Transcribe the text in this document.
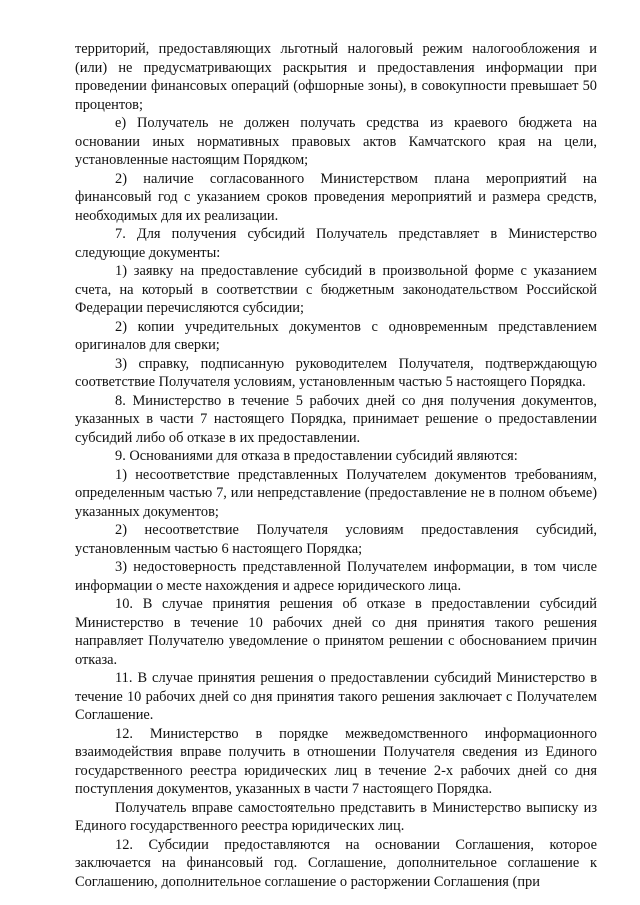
территорий, предоставляющих льготный налоговый режим налогообложения и (или) не предусматривающих раскрытия и предоставления информации при проведении финансовых операций (офшорные зоны), в совокупности превышает 50 процентов;

е) Получатель не должен получать средства из краевого бюджета на основании иных нормативных правовых актов Камчатского края на цели, установленные настоящим Порядком;

2) наличие согласованного Министерством плана мероприятий на финансовый год с указанием сроков проведения мероприятий и размера средств, необходимых для их реализации.

7. Для получения субсидий Получатель представляет в Министерство следующие документы:

1) заявку на предоставление субсидий в произвольной форме с указанием счета, на который в соответствии с бюджетным законодательством Российской Федерации перечисляются субсидии;

2) копии учредительных документов с одновременным представлением оригиналов для сверки;

3) справку, подписанную руководителем Получателя, подтверждающую соответствие Получателя условиям, установленным частью 5 настоящего Порядка.

8. Министерство в течение 5 рабочих дней со дня получения документов, указанных в части 7 настоящего Порядка, принимает решение о предоставлении субсидий либо об отказе в их предоставлении.

9. Основаниями для отказа в предоставлении субсидий являются:

1) несоответствие представленных Получателем документов требованиям, определенным частью 7, или непредставление (предоставление не в полном объеме) указанных документов;

2) несоответствие Получателя условиям предоставления субсидий, установленным частью 6 настоящего Порядка;

3) недостоверность представленной Получателем информации, в том числе информации о месте нахождения и адресе юридического лица.

10. В случае принятия решения об отказе в предоставлении субсидий Министерство в течение 10 рабочих дней со дня принятия такого решения направляет Получателю уведомление о принятом решении с обоснованием причин отказа.

11. В случае принятия решения о предоставлении субсидий Министерство в течение 10 рабочих дней со дня принятия такого решения заключает с Получателем Соглашение.

12. Министерство в порядке межведомственного информационного взаимодействия вправе получить в отношении Получателя сведения из Единого государственного реестра юридических лиц в течение 2-х рабочих дней со дня поступления документов, указанных в части 7 настоящего Порядка.

Получатель вправе самостоятельно представить в Министерство выписку из Единого государственного реестра юридических лиц.

12. Субсидии предоставляются на основании Соглашения, которое заключается на финансовый год. Соглашение, дополнительное соглашение к Соглашению, дополнительное соглашение о расторжении Соглашения (при
